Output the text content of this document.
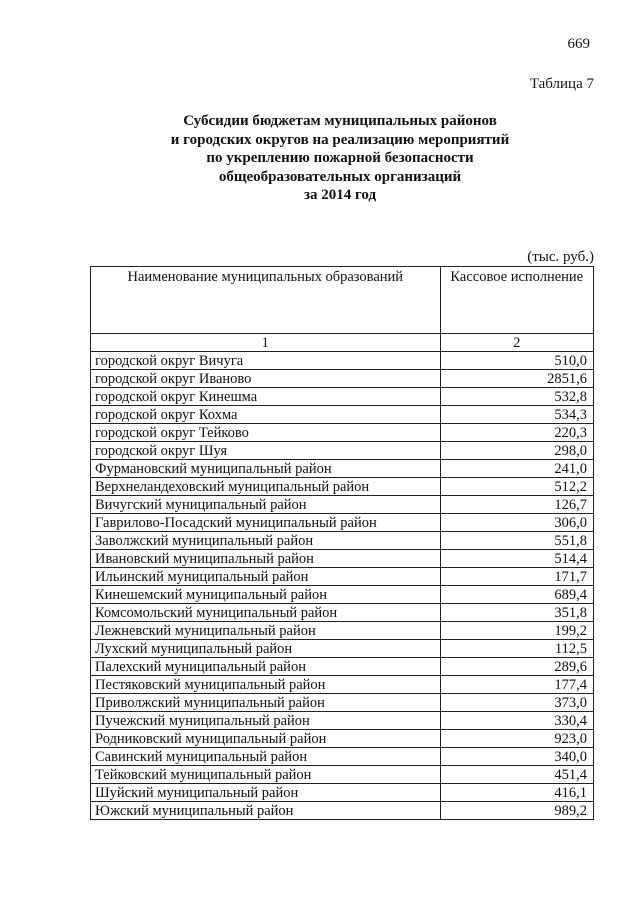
669
Таблица 7
Субсидии бюджетам муниципальных районов
и городских округов на реализацию мероприятий
по укреплению пожарной безопасности
общеобразовательных организаций
за 2014 год
(тыс. руб.)
Наименование муниципальных образований	Кассовое исполнение
1	2
городской округ Вичуга	510,0
городской округ Иваново	2851,6
городской округ Кинешма	532,8
городской округ Кохма	534,3
городской округ Тейково	220,3
городской округ Шуя	298,0
Фурмановский муниципальный район	241,0
Верхнеландеховский муниципальный район	512,2
Вичугский муниципальный район	126,7
Гаврилово-Посадский муниципальный район	306,0
Заволжский муниципальный район	551,8
Ивановский муниципальный район	514,4
Ильинский муниципальный район	171,7
Кинешемский муниципальный район	689,4
Комсомольский муниципальный район	351,8
Лежневский муниципальный район	199,2
Лухский муниципальный район	112,5
Палехский муниципальный район	289,6
Пестяковский муниципальный район	177,4
Приволжский муниципальный район	373,0
Пучежский муниципальный район	330,4
Родниковский муниципальный район	923,0
Савинский муниципальный район	340,0
Тейковский муниципальный район	451,4
Шуйский муниципальный район	416,1
Южский муниципальный район	989,2
